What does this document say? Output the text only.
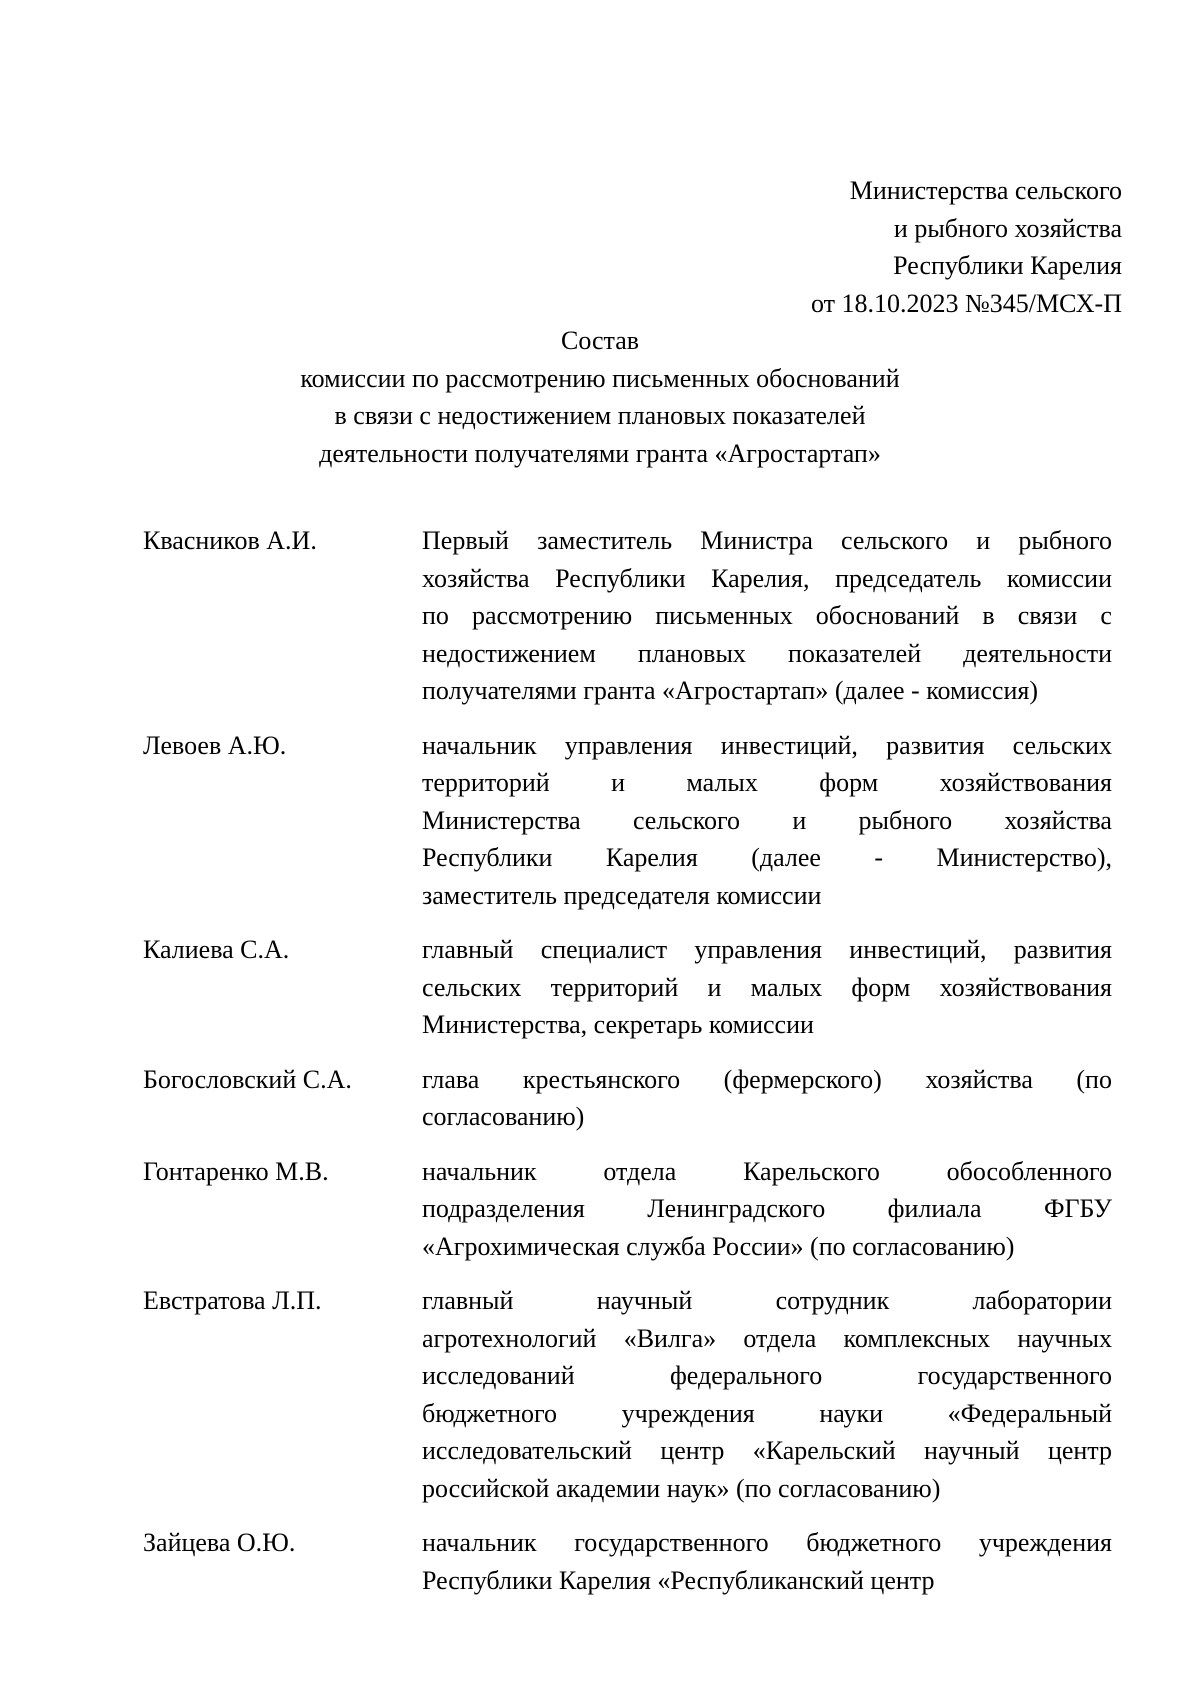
Министерства сельского
и рыбного хозяйства
Республики Карелия
от 18.10.2023 №345/МСХ-П
Состав
комиссии по рассмотрению письменных обоснований
в связи с недостижением плановых показателей
деятельности получателями гранта «Агростартап»
Квасников А.И.	Первый заместитель Министра сельского и рыбного
хозяйства Республики Карелия, председатель комиссии
по рассмотрению письменных обоснований в связи с
недостижением плановых показателей деятельности
получателями гранта «Агростартап» (далее - комиссия)
Левоев А.Ю.	начальник управления инвестиций, развития сельских
территорий и малых форм хозяйствования
Министерства сельского и рыбного хозяйства
Республики Карелия (далее - Министерство),
заместитель председателя комиссии
Калиева С.А.	главный специалист управления инвестиций, развития
сельских территорий и малых форм хозяйствования
Министерства, секретарь комиссии
Богословский С.А.	глава крестьянского (фермерского) хозяйства (по
согласованию)
Гонтаренко М.В.	начальник	отдела	Карельского	обособленного
подразделения Ленинградского филиала ФГБУ
«Агрохимическая служба России» (по согласованию)
Евстратова Л.П.	главный	научный	сотрудник	лаборатории
агротехнологий «Вилга» отдела комплексных научных
исследований	федерального	государственного
бюджетного учреждения науки «Федеральный
исследовательский центр «Карельский научный центр
российской академии наук» (по согласованию)
Зайцева О.Ю.	начальник государственного бюджетного учреждения
Республики Карелия «Республиканский центр
